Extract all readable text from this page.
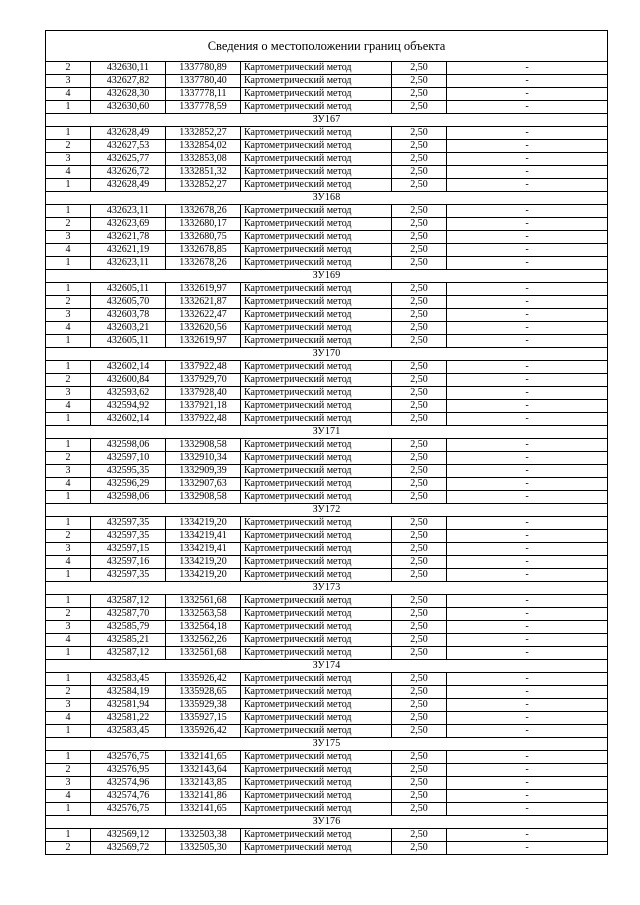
Сведения о местоположении границ объекта					
2	432630,11	1337780,89	Картометрический метод	2,50	-
3	432627,82	1337780,40	Картометрический метод	2,50	-
4	432628,30	1337778,11	Картометрический метод	2,50	-
1	432630,60	1337778,59	Картометрический метод	2,50	-
ЗУ167					
1	432628,49	1332852,27	Картометрический метод	2,50	-
2	432627,53	1332854,02	Картометрический метод	2,50	-
3	432625,77	1332853,08	Картометрический метод	2,50	-
4	432626,72	1332851,32	Картометрический метод	2,50	-
1	432628,49	1332852,27	Картометрический метод	2,50	-
ЗУ168					
1	432623,11	1332678,26	Картометрический метод	2,50	-
2	432623,69	1332680,17	Картометрический метод	2,50	-
3	432621,78	1332680,75	Картометрический метод	2,50	-
4	432621,19	1332678,85	Картометрический метод	2,50	-
1	432623,11	1332678,26	Картометрический метод	2,50	-
ЗУ169					
1	432605,11	1332619,97	Картометрический метод	2,50	-
2	432605,70	1332621,87	Картометрический метод	2,50	-
3	432603,78	1332622,47	Картометрический метод	2,50	-
4	432603,21	1332620,56	Картометрический метод	2,50	-
1	432605,11	1332619,97	Картометрический метод	2,50	-
ЗУ170					
1	432602,14	1337922,48	Картометрический метод	2,50	-
2	432600,84	1337929,70	Картометрический метод	2,50	-
3	432593,62	1337928,40	Картометрический метод	2,50	-
4	432594,92	1337921,18	Картометрический метод	2,50	-
1	432602,14	1337922,48	Картометрический метод	2,50	-
ЗУ171					
1	432598,06	1332908,58	Картометрический метод	2,50	-
2	432597,10	1332910,34	Картометрический метод	2,50	-
3	432595,35	1332909,39	Картометрический метод	2,50	-
4	432596,29	1332907,63	Картометрический метод	2,50	-
1	432598,06	1332908,58	Картометрический метод	2,50	-
ЗУ172					
1	432597,35	1334219,20	Картометрический метод	2,50	-
2	432597,35	1334219,41	Картометрический метод	2,50	-
3	432597,15	1334219,41	Картометрический метод	2,50	-
4	432597,16	1334219,20	Картометрический метод	2,50	-
1	432597,35	1334219,20	Картометрический метод	2,50	-
ЗУ173					
1	432587,12	1332561,68	Картометрический метод	2,50	-
2	432587,70	1332563,58	Картометрический метод	2,50	-
3	432585,79	1332564,18	Картометрический метод	2,50	-
4	432585,21	1332562,26	Картометрический метод	2,50	-
1	432587,12	1332561,68	Картометрический метод	2,50	-
ЗУ174					
1	432583,45	1335926,42	Картометрический метод	2,50	-
2	432584,19	1335928,65	Картометрический метод	2,50	-
3	432581,94	1335929,38	Картометрический метод	2,50	-
4	432581,22	1335927,15	Картометрический метод	2,50	-
1	432583,45	1335926,42	Картометрический метод	2,50	-
ЗУ175					
1	432576,75	1332141,65	Картометрический метод	2,50	-
2	432576,95	1332143,64	Картометрический метод	2,50	-
3	432574,96	1332143,85	Картометрический метод	2,50	-
4	432574,76	1332141,86	Картометрический метод	2,50	-
1	432576,75	1332141,65	Картометрический метод	2,50	-
ЗУ176					
1	432569,12	1332503,38	Картометрический метод	2,50	-
2	432569,72	1332505,30	Картометрический метод	2,50	-
